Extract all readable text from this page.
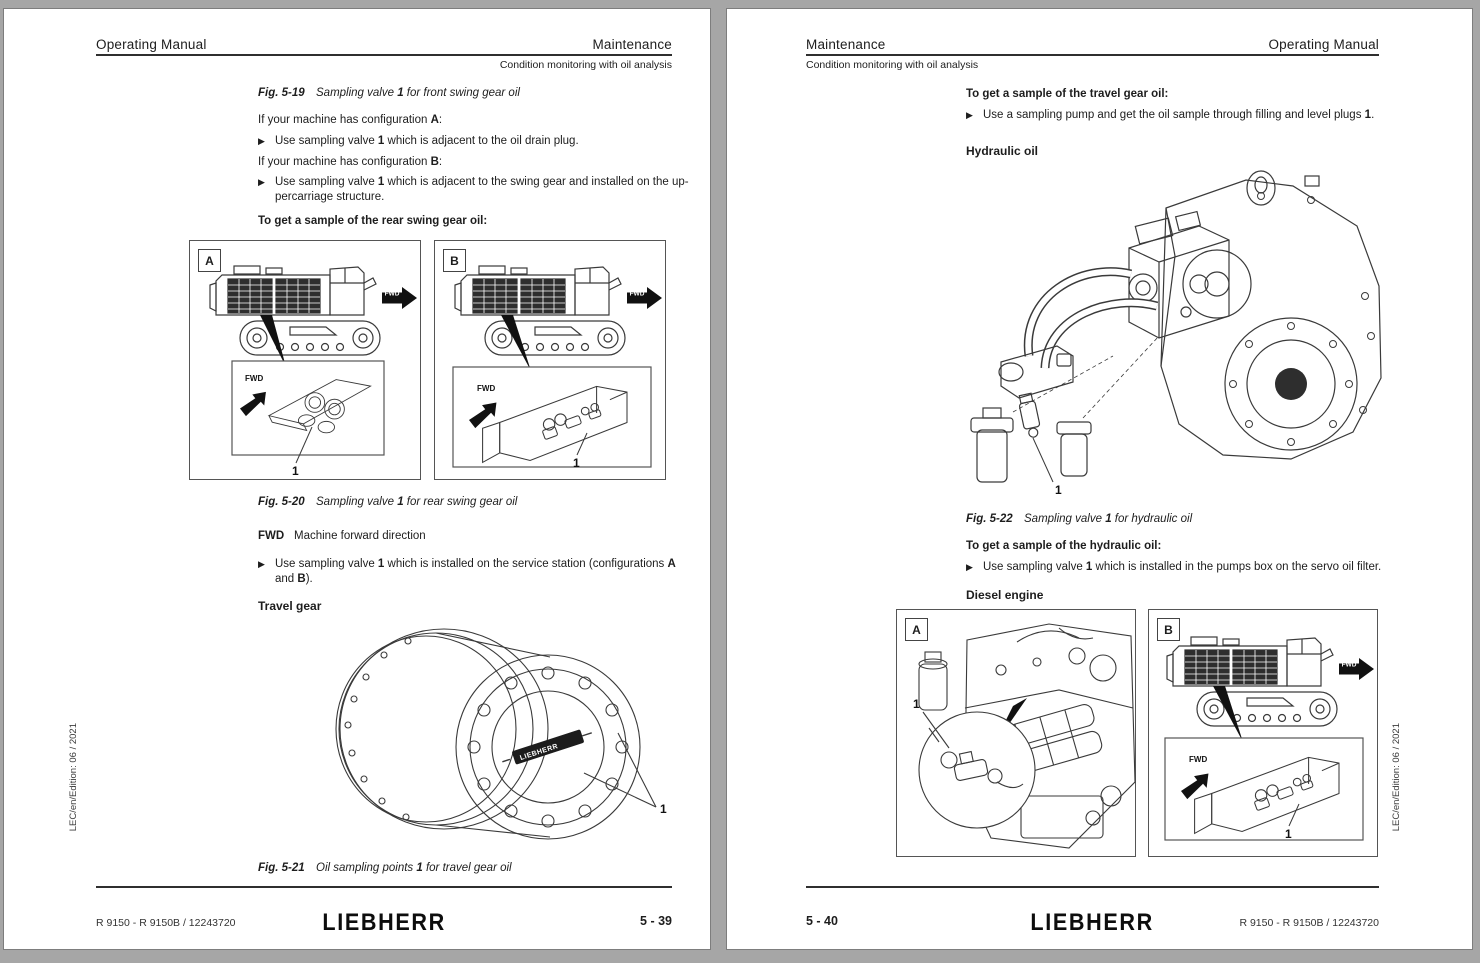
Operating Manual	Maintenance
Condition monitoring with oil analysis
Fig. 5-19 Sampling valve 1 for front swing gear oil
If your machine has configuration A:
▶ Use sampling valve 1 which is adjacent to the oil drain plug.
If your machine has configuration B:
▶ Use sampling valve 1 which is adjacent to the swing gear and installed on the up-
percarriage structure.
To get a sample of the rear swing gear oil:
A
FWD
FWD
1
B
FWD
FWD
1
Fig. 5-20 Sampling valve 1 for rear swing gear oil
FWD Machine forward direction
▶ Use sampling valve 1 which is installed on the service station (configurations A
and B).
Travel gear
LIEBHERR
1
Fig. 5-21 Oil sampling points 1 for travel gear oil
R 9150 - R 9150B / 12243720	LIEBHERR	5 - 39
LEC/en/Edition: 06 / 2021
Maintenance	Operating Manual
Condition monitoring with oil analysis
To get a sample of the travel gear oil:
▶ Use a sampling pump and get the oil sample through filling and level plugs 1.
Hydraulic oil
1
Fig. 5-22 Sampling valve 1 for hydraulic oil
To get a sample of the hydraulic oil:
▶ Use sampling valve 1 which is installed in the pumps box on the servo oil filter.
Diesel engine
A
1
B
FWD
FWD
1
5 - 40	LIEBHERR	R 9150 - R 9150B / 12243720
LEC/en/Edition: 06 / 2021
